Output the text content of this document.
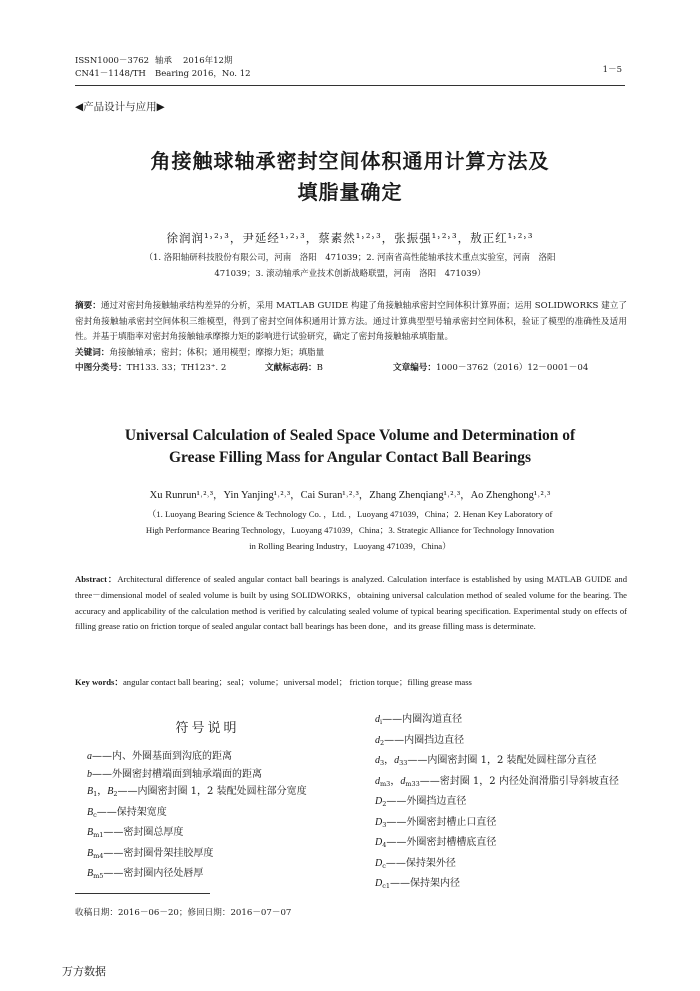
ISSN1000－3762 轴承 2016年12期
CN41－1148/TH Bearing 2016，No. 12	1－5
◀产品设计与应用▶
角接触球轴承密封空间体积通用计算方法及
填脂量确定
徐润润¹˒²˒³，尹延经¹˒²˒³，蔡素然¹˒²˒³，张振强¹˒²˒³，敖正红¹˒²˒³
（1. 洛阳轴研科技股份有限公司，河南　洛阳　471039；2. 河南省高性能轴承技术重点实验室，河南　洛阳
471039；3. 滚动轴承产业技术创新战略联盟，河南　洛阳　471039）

摘要：通过对密封角接触轴承结构差异的分析，采用 MATLAB GUIDE 构建了角接触轴承密封空间体积计算界面；运用 SOLIDWORKS 建立了密封角接触轴承密封空间体积三维模型，得到了密封空间体积通用计算方法。通过计算典型型号轴承密封空间体积，验证了模型的准确性及适用性。并基于填脂率对密封角接触轴承摩擦力矩的影响进行试验研究，确定了密封角接触轴承填脂量。

关键词：角接触轴承；密封；体积；通用模型；摩擦力矩；填脂量

中图分类号：TH133. 33；TH123⁺. 2	文献标志码：B	文章编号：1000－3762（2016）12－0001－04
Universal Calculation of Sealed Space Volume and Determination of
Grease Filling Mass for Angular Contact Ball Bearings
Xu Runrun¹˒²˒³，Yin Yanjing¹˒²˒³，Cai Suran¹˒²˒³，Zhang Zhenqiang¹˒²˒³，Ao Zhenghong¹˒²˒³
（1. Luoyang Bearing Science & Technology Co. ，Ltd. ，Luoyang 471039，China；2. Henan Key Laboratory of
High Performance Bearing Technology，Luoyang 471039，China；3. Strategic Alliance for Technology Innovation
in Rolling Bearing Industry，Luoyang 471039，China）
Abstract：Architectural difference of sealed angular contact ball bearings is analyzed. Calculation interface is established by using MATLAB GUIDE and three－dimensional model of sealed volume is built by using SOLIDWORKS，obtaining universal calculation method of sealed volume for the bearing. The accuracy and applicability of the calculation method is verified by calculating sealed volume of typical bearing specification. Experimental study on effects of filling grease ratio on friction torque of sealed angular contact ball bearings has been done，and its grease filling mass is determinate.
Key words：angular contact ball bearing；seal；volume；universal model； friction torque；filling grease mass
符号说明
a——内、外圈基面到沟底的距离
b——外圈密封槽端面到轴承端面的距离
$B_1$，$B_2——$内圈密封圈 1，2 装配处圆柱部分宽度
$B_c——$保持架宽度
$B_{m1}——$密封圈总厚度
$B_{m4}——$密封圈骨架挂胶厚度
$B_{m5}——$密封圈内径处唇厚
$d_i——$内圈沟道直径
$d_2——$内圈挡边直径
$d_3$，$d_{33}——$内圈密封圈 1，2 装配处圆柱部分直径
$d_{m3}$，$d_{m33}——$密封圈 1，2 内径处润滑脂引导斜坡直径
$D_2——$外圈挡边直径
$D_3——$外圈密封槽止口直径
$D_4——$外圈密封槽槽底直径
$D_c——$保持架外径
$D_{c1}——$保持架内径
收稿日期：2016－06－20；修回日期：2016－07－07
万方数据
